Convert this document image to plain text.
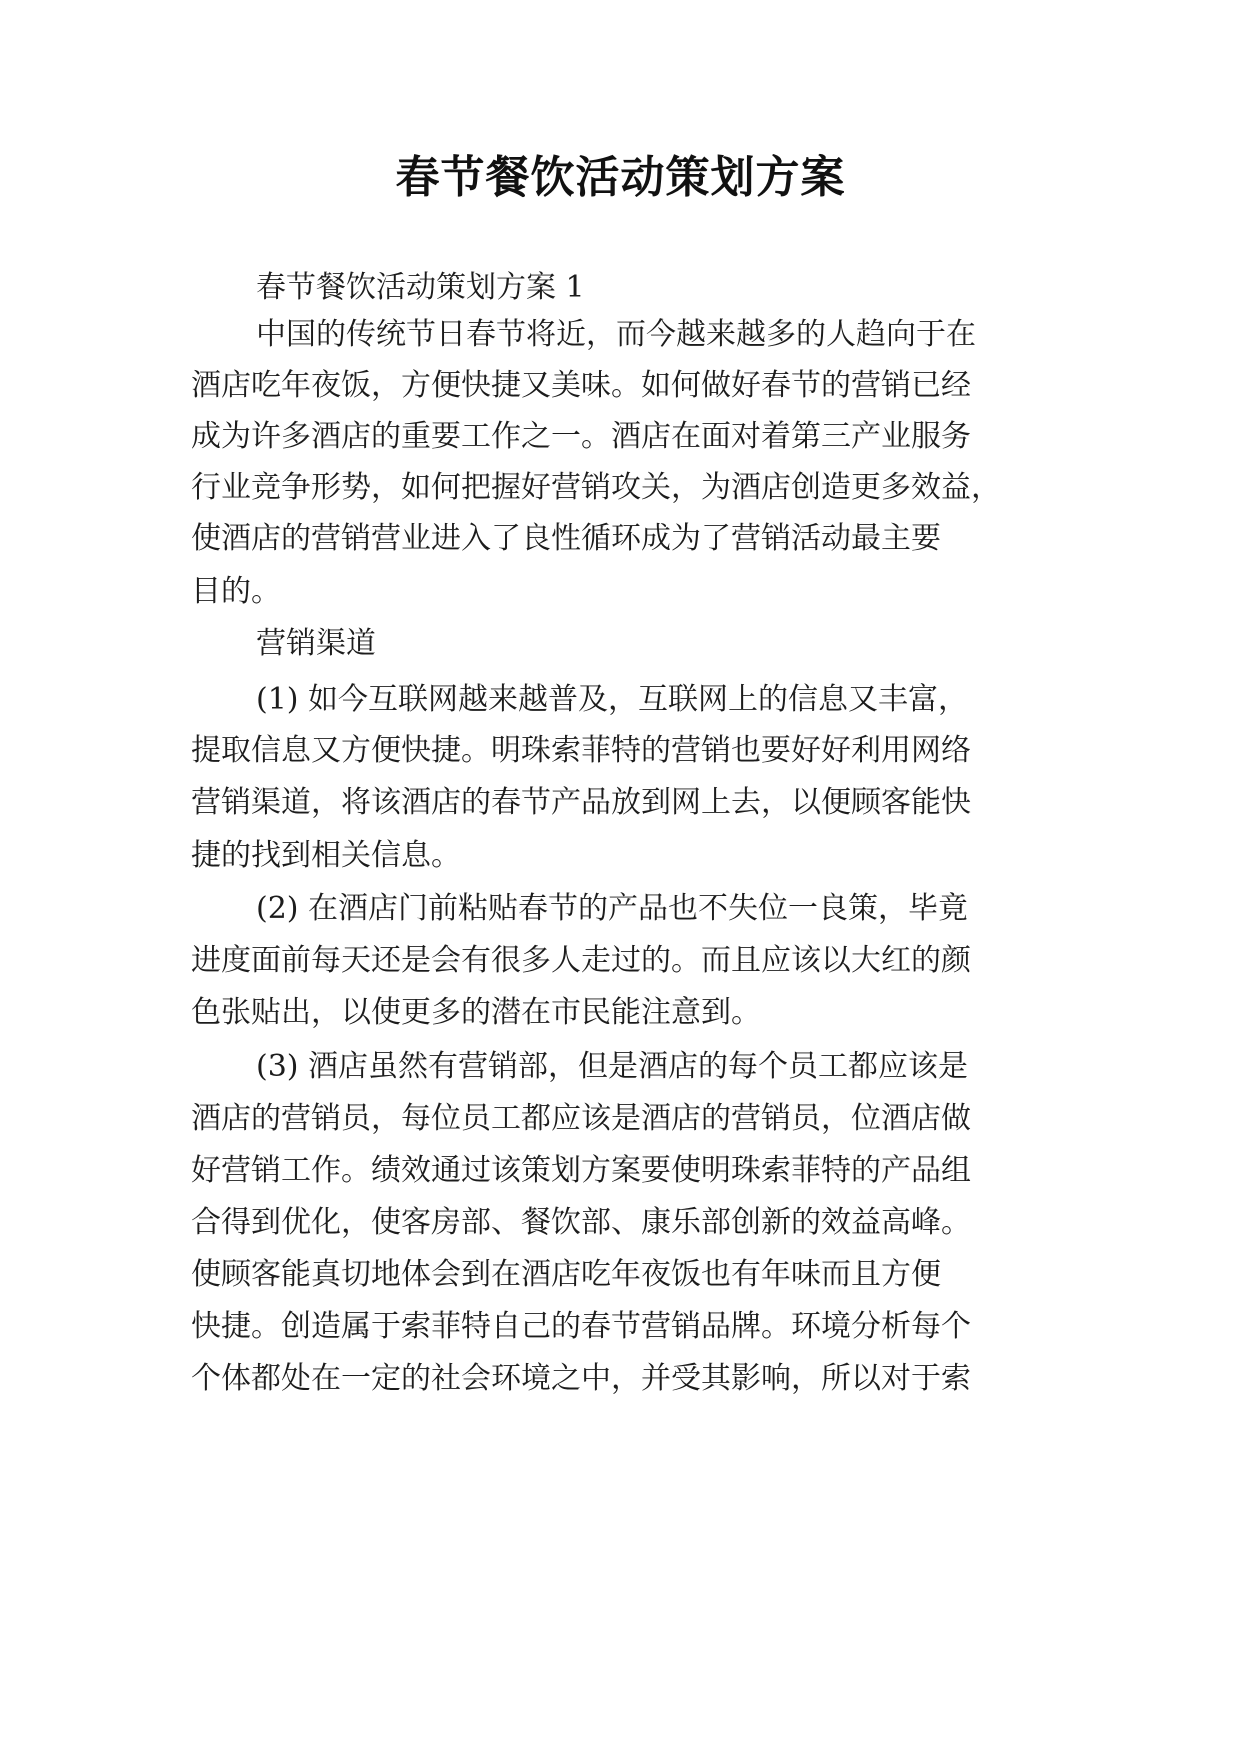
春节餐饮活动策划方案
春节餐饮活动策划方案 1
中国的传统节日春节将近，而今越来越多的人趋向于在
酒店吃年夜饭，方便快捷又美味。如何做好春节的营销已经
成为许多酒店的重要工作之一。酒店在面对着第三产业服务
行业竞争形势，如何把握好营销攻关，为酒店创造更多效益，
使酒店的营销营业进入了良性循环成为了营销活动最主要
目的。
营销渠道
(1) 如今互联网越来越普及，互联网上的信息又丰富，
提取信息又方便快捷。明珠索菲特的营销也要好好利用网络
营销渠道，将该酒店的春节产品放到网上去，以便顾客能快
捷的找到相关信息。
(2) 在酒店门前粘贴春节的产品也不失位一良策，毕竟
进度面前每天还是会有很多人走过的。而且应该以大红的颜
色张贴出，以使更多的潜在市民能注意到。
(3) 酒店虽然有营销部，但是酒店的每个员工都应该是
酒店的营销员，每位员工都应该是酒店的营销员，位酒店做
好营销工作。绩效通过该策划方案要使明珠索菲特的产品组
合得到优化，使客房部、餐饮部、康乐部创新的效益高峰。
使顾客能真切地体会到在酒店吃年夜饭也有年味而且方便
快捷。创造属于索菲特自己的春节营销品牌。环境分析每个
个体都处在一定的社会环境之中，并受其影响，所以对于索
